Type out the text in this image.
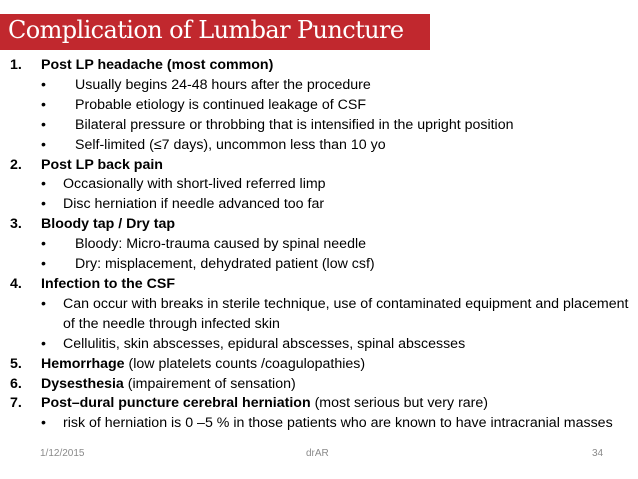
Complication of Lumbar Puncture
1. Post LP headache (most common)
• Usually begins 24-48 hours after the procedure
• Probable etiology is continued leakage of CSF
• Bilateral pressure or throbbing that is intensified in the upright position
• Self-limited (≤7 days), uncommon less than 10 yo
2. Post LP back pain
• Occasionally with short-lived referred limp
• Disc herniation if needle advanced too far
3. Bloody tap / Dry tap
• Bloody: Micro-trauma caused by spinal needle
• Dry: misplacement, dehydrated patient (low csf)
4. Infection to the CSF
• Can occur with breaks in sterile technique, use of contaminated equipment and placement of the needle through infected skin
• Cellulitis, skin abscesses, epidural abscesses, spinal abscesses
5. Hemorrhage (low platelets counts /coagulopathies)
6. Dysesthesia (impairement of sensation)
7. Post–dural puncture cerebral herniation (most serious but very rare)
• risk of herniation is 0 –5 % in those patients who are known to have intracranial masses
1/12/2015	drAR	34
